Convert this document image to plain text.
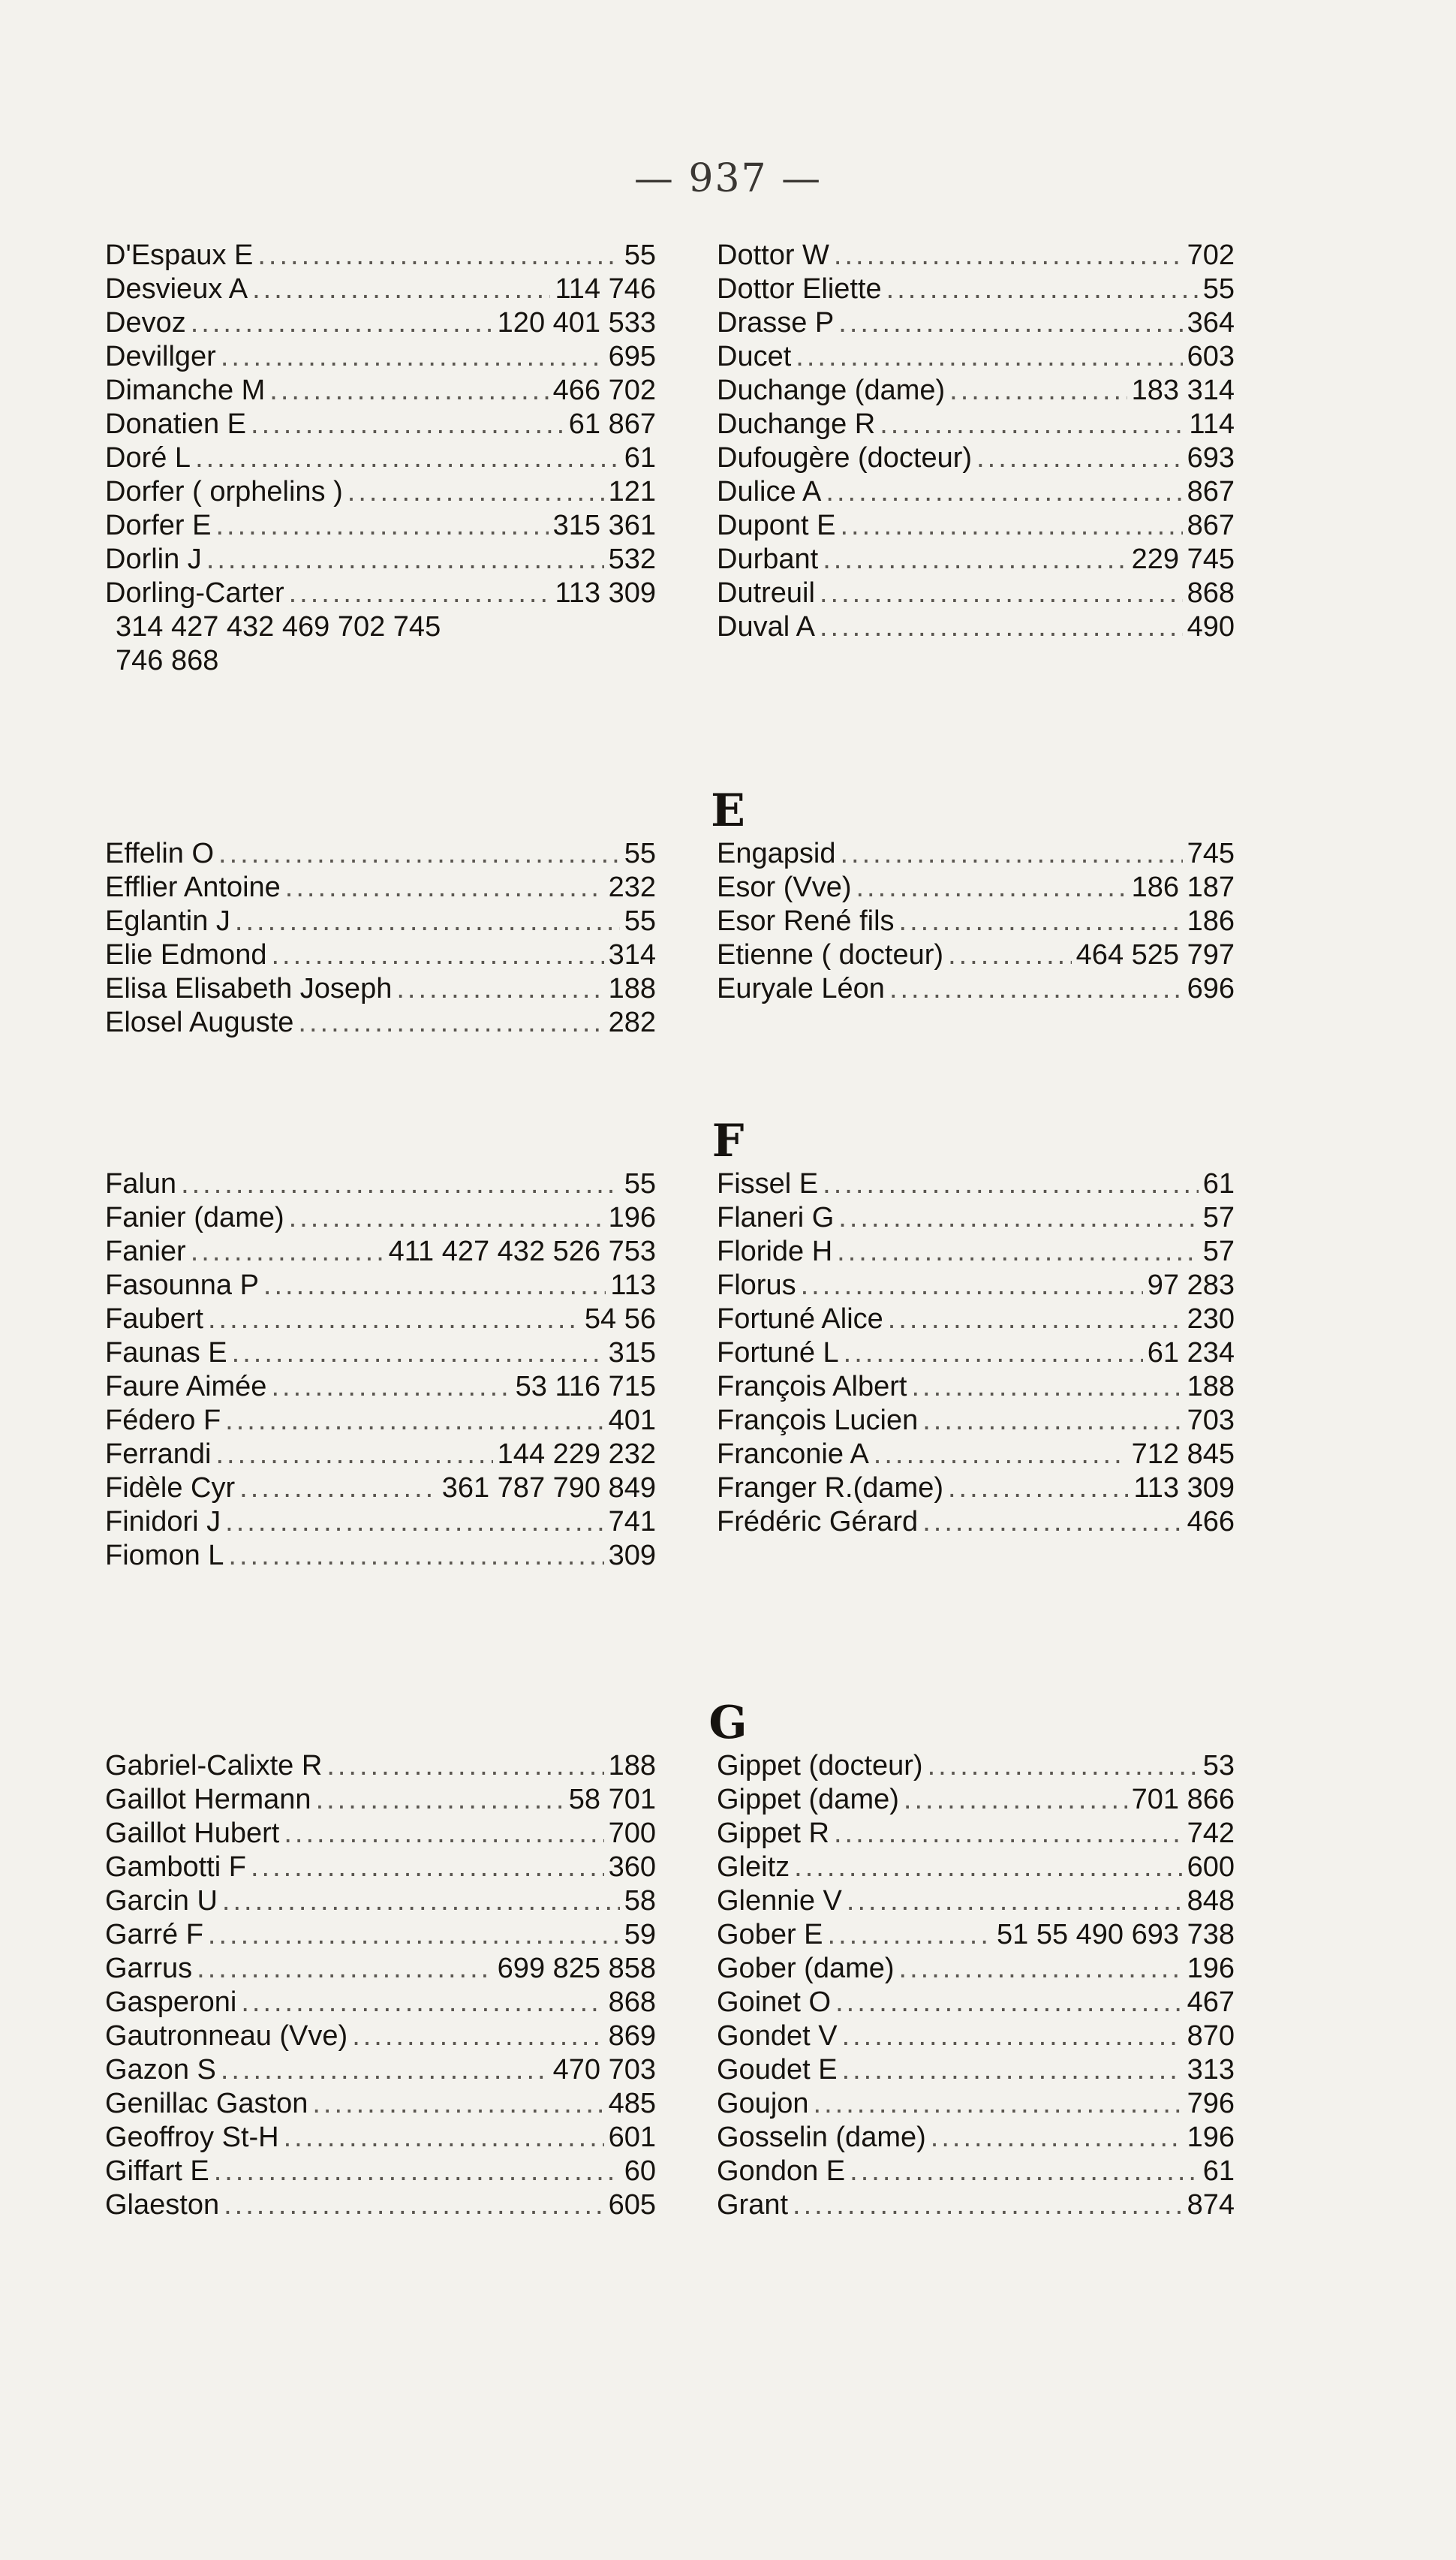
— 937 —
D'Espaux E .....	55
Desvieux A .....	114 746
Devoz .....	120 401 533
Devillger .....	695
Dimanche M .....	466 702
Donatien E .....	61 867
Doré L .....	61
Dorfer ( orphelins ) .....	121
Dorfer E .....	315 361
Dorlin J .....	532
Dorling-Carter .....	113 309
314 427 432 469 702 745
746 868
Dottor W .....	702
Dottor Eliette .....	55
Drasse P .....	364
Ducet .....	603
Duchange (dame) .....	183 314
Duchange R .....	114
Dufougère (docteur) .....	693
Dulice A .....	867
Dupont E .....	867
Durbant .....	229 745
Dutreuil .....	868
Duval A .....	490
E
Effelin O .....	55
Efflier Antoine .....	232
Eglantin J .....	55
Elie Edmond .....	314
Elisa Elisabeth Joseph .....	188
Elosel Auguste .....	282
Engapsid .....	745
Esor (Vve) .....	186 187
Esor René fils .....	186
Etienne ( docteur) .....	464 525 797
Euryale Léon .....	696
F
Falun .....	55
Fanier (dame) .....	196
Fanier .....	411 427 432 526 753
Fasounna P .....	113
Faubert .....	54 56
Faunas E .....	315
Faure Aimée .....	53 116 715
Fédero F .....	401
Ferrandi .....	144 229 232
Fidèle Cyr .....	361 787 790 849
Finidori J .....	741
Fiomon L .....	309
Fissel E .....	61
Flaneri G .....	57
Floride H .....	57
Florus .....	97 283
Fortuné Alice .....	230
Fortuné L .....	61 234
François Albert .....	188
François Lucien .....	703
Franconie A .....	712 845
Franger R.(dame) .....	113 309
Frédéric Gérard .....	466
G
Gabriel-Calixte R .....	188
Gaillot Hermann .....	58 701
Gaillot Hubert .....	700
Gambotti F .....	360
Garcin U .....	58
Garré F .....	59
Garrus .....	699 825 858
Gasperoni .....	868
Gautronneau (Vve) .....	869
Gazon S .....	470 703
Genillac Gaston .....	485
Geoffroy St-H .....	601
Giffart E .....	60
Glaeston .....	605
Gippet (docteur) .....	53
Gippet (dame) .....	701 866
Gippet R .....	742
Gleitz .....	600
Glennie V .....	848
Gober E .....	51 55 490 693 738
Gober (dame) .....	196
Goinet O .....	467
Gondet V .....	870
Goudet E .....	313
Goujon .....	796
Gosselin (dame) .....	196
Gondon E .....	61
Grant .....	874
